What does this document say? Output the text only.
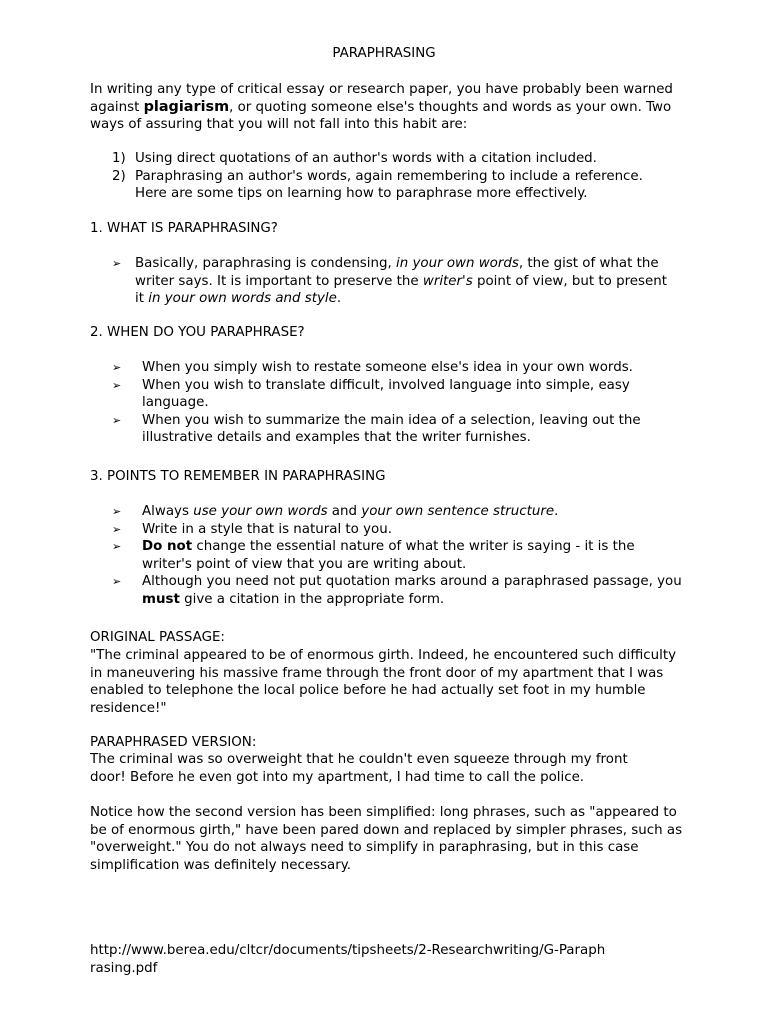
PARAPHRASING

In writing any type of critical essay or research paper, you have probably been warned against plagiarism, or quoting someone else's thoughts and words as your own. Two ways of assuring that you will not fall into this habit are:

1) Using direct quotations of an author's words with a citation included.
2) Paraphrasing an author's words, again remembering to include a reference. Here are some tips on learning how to paraphrase more effectively.

1. WHAT IS PARAPHRASING?

➢ Basically, paraphrasing is condensing, in your own words, the gist of what the writer says. It is important to preserve the writer's point of view, but to present it in your own words and style.

2. WHEN DO YOU PARAPHRASE?

➢ When you simply wish to restate someone else's idea in your own words.
➢ When you wish to translate difficult, involved language into simple, easy language.
➢ When you wish to summarize the main idea of a selection, leaving out the illustrative details and examples that the writer furnishes.

3. POINTS TO REMEMBER IN PARAPHRASING

➢ Always use your own words and your own sentence structure.
➢ Write in a style that is natural to you.
➢ Do not change the essential nature of what the writer is saying - it is the writer's point of view that you are writing about.
➢ Although you need not put quotation marks around a paraphrased passage, you must give a citation in the appropriate form.

ORIGINAL PASSAGE:

"The criminal appeared to be of enormous girth. Indeed, he encountered such difficulty in maneuvering his massive frame through the front door of my apartment that I was enabled to telephone the local police before he had actually set foot in my humble residence!"

PARAPHRASED VERSION:

The criminal was so overweight that he couldn't even squeeze through my front door! Before he even got into my apartment, I had time to call the police.

Notice how the second version has been simplified: long phrases, such as "appeared to be of enormous girth," have been pared down and replaced by simpler phrases, such as "overweight." You do not always need to simplify in paraphrasing, but in this case simplification was definitely necessary.

http://www.berea.edu/cltcr/documents/tipsheets/2-Researchwriting/G-Paraphrasing.pdf
